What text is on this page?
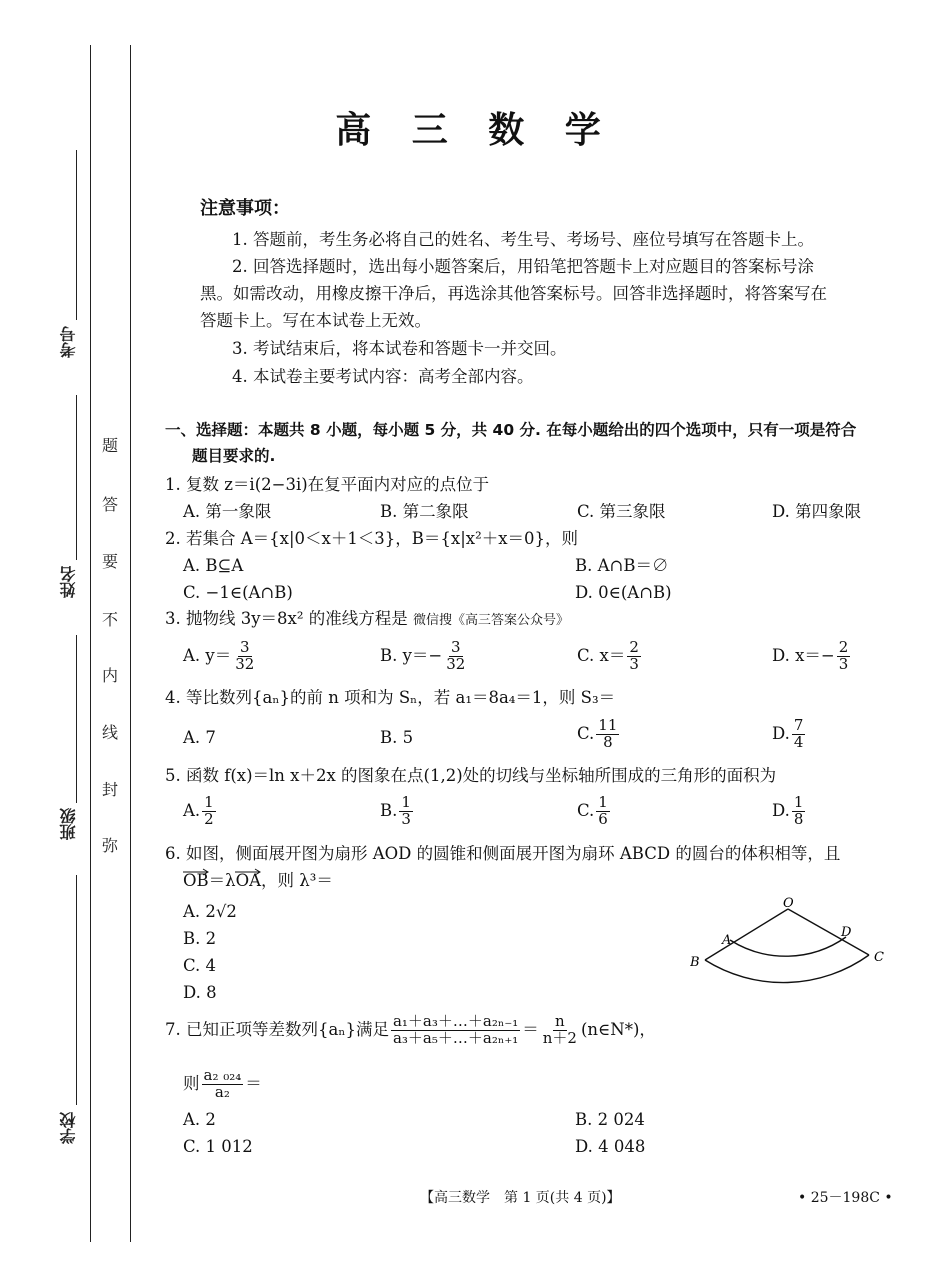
考号
姓名
班级
学校
弥
封
线
内
不
要
答
题
高 三 数 学
注意事项：
1. 答题前，考生务必将自己的姓名、考生号、考场号、座位号填写在答题卡上。
2. 回答选择题时，选出每小题答案后，用铅笔把答题卡上对应题目的答案标号涂
黑。如需改动，用橡皮擦干净后，再选涂其他答案标号。回答非选择题时，将答案写在
答题卡上。写在本试卷上无效。
3. 考试结束后，将本试卷和答题卡一并交回。
4. 本试卷主要考试内容：高考全部内容。
一、选择题：本题共 8 小题，每小题 5 分，共 40 分. 在每小题给出的四个选项中，只有一项是符合
题目要求的.
1. 复数 z＝i(2−3i)在复平面内对应的点位于
A. 第一象限	B. 第二象限	C. 第三象限	D. 第四象限
2. 若集合 A＝{x|0＜x＋1＜3}，B＝{x|x²＋x＝0}，则
A. B⊆A	B. A∩B＝∅
C. −1∈(A∩B)	D. 0∈(A∩B)
3. 抛物线 3y＝8x² 的准线方程是 微信搜《高三答案公众号》
A. $y= \frac{3}{32}$	B. $y=- \frac{3}{32}$	C. $x= \frac{2}{3}$	D. $x=- \frac{2}{3}$
4. 等比数列{aₙ}的前 n 项和为 Sₙ，若 a₁＝8a₄＝1，则 S₃＝
A. 7	B. 5	C. $\frac{11}{8}$	D. $\frac{7}{4}$
5. 函数 f(x)＝ln x＋2x 的图象在点(1,2)处的切线与坐标轴所围成的三角形的面积为
A. $\frac{1}{2}$	B. $\frac{1}{3}$	C. $\frac{1}{6}$	D. $\frac{1}{8}$
6. 如图，侧面展开图为扇形 AOD 的圆锥和侧面展开图为扇环 ABCD 的圆台的体积相等，且
OB＝λOA，则 λ³＝
A. 2√2
B. 2
C. 4
D. 8
O
A
D
B	C
7. 已知正项等差数列{aₙ}满足 $\frac{\text{a₁＋a₃＋…＋a₂ₙ₋₁}}{\text{a₃＋a₅＋…＋a₂ₙ₊₁}} = \frac{n}{n+2}$ (n∈N*)，
则 $\frac{\text{a₂ ₀₂₄}}{\text{a₂}}$ ＝
A. 2	B. 2 024
C. 1 012	D. 4 048
【高三数学　第 1 页(共 4 页)】	• 25－198C •
